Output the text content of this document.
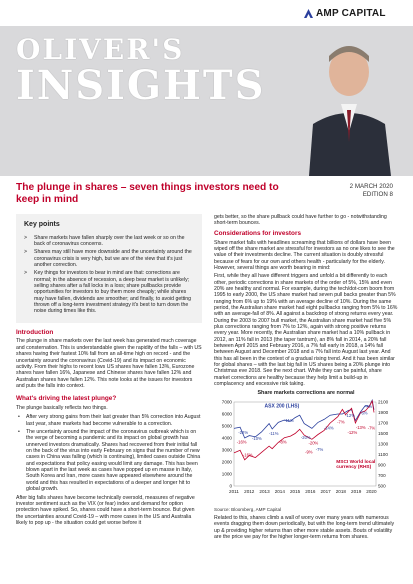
AMP CAPITAL
OLIVER'S
INSIGHTS
The plunge in shares – seven things investors need to keep in mind
2 MARCH 2020
EDITION 8
Key points
> Share markets have fallen sharply over the last week or so on the back of coronavirus concerns.
> Shares may still have more downside and the uncertainty around the coronavirus crisis is very high, but we are of the view that it's just another correction.
> Key things for investors to bear in mind are that: corrections are normal; in the absence of recession, a deep bear market is unlikely; selling shares after a fall locks in a loss; share pullbacks provide opportunities for investors to buy them more cheaply; while shares may have fallen, dividends are smoother; and finally, to avoid getting thrown off a long-term investment strategy it's best to turn down the noise during times like this.
Introduction

The plunge in share markets over the last week has generated much coverage and consternation. This is understandable given the rapidity of the falls – with US shares having their fastest 10% fall from an all-time high on record - and the uncertainty around the coronavirus (Covid-19) and its impact on economic activity. From their highs to recent lows US shares have fallen 13%, Eurozone shares have fallen 16%, Japanese and Chinese shares have fallen 12% and Australian shares have fallen 12%. This note looks at the issues for investors and puts the falls into context.

What's driving the latest plunge?

The plunge basically reflects two things.

• After very strong gains from their last greater than 5% correction into August last year, share markets had become vulnerable to a correction.
• The uncertainty around the impact of the coronavirus outbreak which is on the verge of becoming a pandemic and its impact on global growth has unnerved investors dramatically. Shares had recovered from their initial fall on the back of the virus into early February on signs that the number of new cases in China was falling (which is continuing), limited cases outside China and expectations that policy easing would limit any damage. This has been blown apart in the last week as cases have popped up en masse in Italy, South Korea and Iran, more cases have appeared elsewhere around the world and this has resulted in expectations of a deeper and longer hit to global growth.

After big falls shares have become technically oversold, measures of negative investor sentiment such as the VIX (or fear) index and demand for option protection have spiked. So, shares could have a short-term bounce. But given the uncertainties around Covid-19 – with more cases in the US and Australia likely to pop up - the situation could get worse before it

gets better, so the share pullback could have further to go - notwithstanding short-term bounces.

Considerations for investors

Share market falls with headlines screaming that billions of dollars have been wiped off the share market are stressful for investors as no one likes to see the value of their investments decline. The current situation is doubly stressful because of fears for our own and others health - particularly for the elderly. However, several things are worth bearing in mind:

First, while they all have different triggers and unfold a bit differently to each other, periodic corrections in share markets of the order of 5%, 15% and even 20% are healthy and normal. For example, during the tech/dot-com boom from 1995 to early 2000, the US share market had seven pull backs greater than 5% ranging from 6% up to 19% with an average decline of 10%. During the same period, the Australian share market had eight pullbacks ranging from 5% to 16% with an average-fall of 8%. All against a backdrop of strong returns every year. During the 2003 to 2007 bull market, the Australian share market had five 5% plus corrections ranging from 7% to 12%, again with strong positive returns every year. More recently, the Australian share market had a 10% pullback in 2012, an 11% fall in 2013 (the taper tantrum), an 8% fall in 2014, a 20% fall between April 2015 and February 2016, a 7% fall early in 2018, a 14% fall between August and December 2018 and a 7% fall into August last year. And this has all been in the context of a gradual rising trend. And it has been similar for global shares – with the last big fall in US shares being a 20% plunge into Christmas eve 2018. See the next chart. While they can be painful, share market corrections are healthy because they help limit a build-up in complacency and excessive risk taking.

Share markets corrections are normal
0
1000
2000
3000
4000
5000
6000
7000
500
700
900
1100
1300
1500
1700
1900
2100
2011 2012 2013 2014 2015 2016 2017 2018 2019 2020
ASX 200 (LHS)
MSCI World local currency (RHS)
-16%
-22%
-16%
-10%
-11%
-8%
-11%
-20%
-9% -7%
-14%
-20%
-7%
-12%
-12%
-13%
-6%
-7%
-7%
Source: Bloomberg, AMP Capital

Related to this, shares climb a wall of worry over many years with numerous events dragging them down periodically, but with the long-term trend ultimately up & providing higher returns than other more stable assets. Bouts of volatility are the price we pay for the higher longer-term returns from shares.
